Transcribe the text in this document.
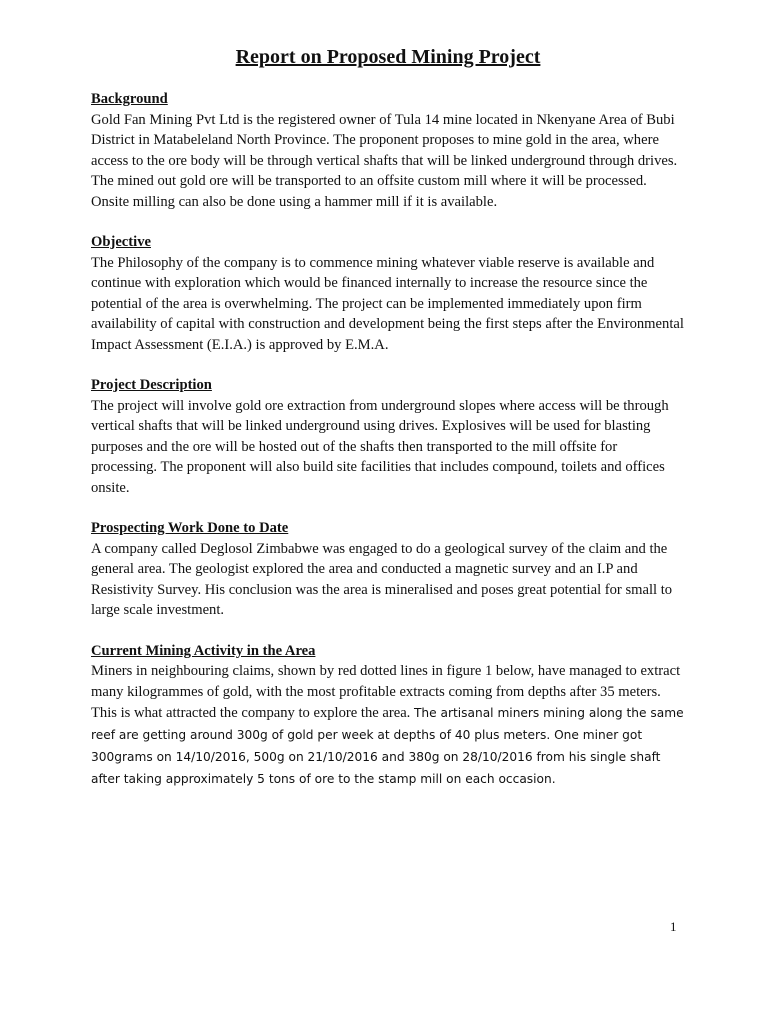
Report on Proposed Mining Project

Background

Gold Fan Mining Pvt Ltd is the registered owner of Tula 14 mine located in Nkenyane Area of Bubi District in Matabeleland North Province. The proponent proposes to mine gold in the area, where access to the ore body will be through vertical shafts that will be linked underground through drives. The mined out gold ore will be transported to an offsite custom mill where it will be processed. Onsite milling can also be done using a hammer mill if it is available.

Objective

The Philosophy of the company is to commence mining whatever viable reserve is available and continue with exploration which would be financed internally to increase the resource since the potential of the area is overwhelming. The project can be implemented immediately upon firm availability of capital with construction and development being the first steps after the Environmental Impact Assessment (E.I.A.) is approved by E.M.A.

Project Description

The project will involve gold ore extraction from underground slopes where access will be through vertical shafts that will be linked underground using drives. Explosives will be used for blasting purposes and the ore will be hosted out of the shafts then transported to the mill offsite for processing. The proponent will also build site facilities that includes compound, toilets and offices onsite.

Prospecting Work Done to Date

A company called Deglosol Zimbabwe was engaged to do a geological survey of the claim and the general area. The geologist explored the area and conducted a magnetic survey and an I.P and Resistivity Survey. His conclusion was the area is mineralised and poses great potential for small to large scale investment.

Current Mining Activity in the Area

Miners in neighbouring claims, shown by red dotted lines in figure 1 below, have managed to extract many kilogrammes of gold, with the most profitable extracts coming from depths after 35 meters. This is what attracted the company to explore the area. The artisanal miners mining along the same reef are getting around 300g of gold per week at depths of 40 plus meters. One miner got 300grams on 14/10/2016, 500g on 21/10/2016 and 380g on 28/10/2016 from his single shaft after taking approximately 5 tons of ore to the stamp mill on each occasion.

1
